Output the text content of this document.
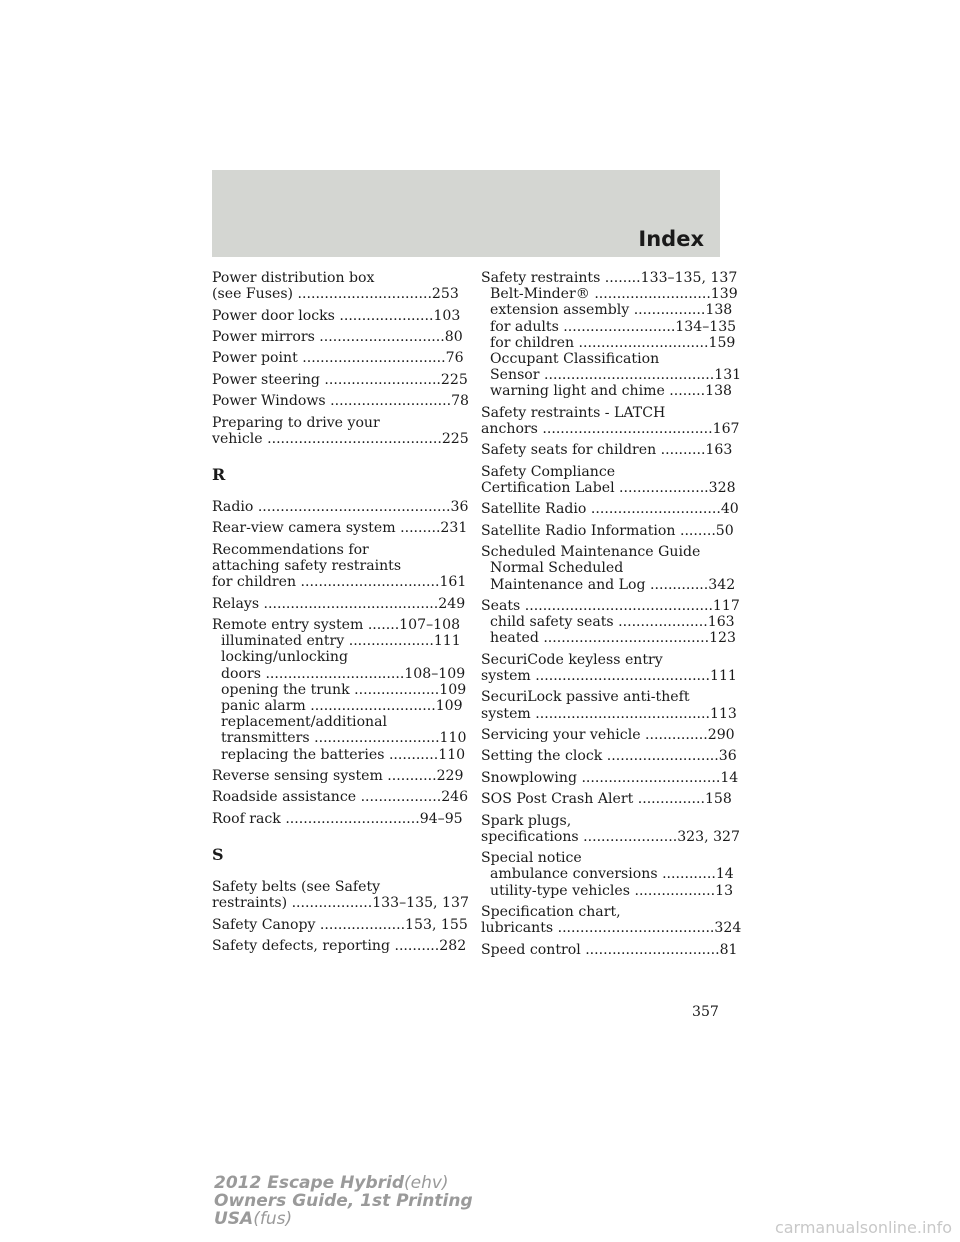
Index
Power distribution box
(see Fuses) ..............................253
Power door locks .....................103
Power mirrors ............................80
Power point ................................76
Power steering ..........................225
Power Windows ...........................78
Preparing to drive your
vehicle .......................................225
R
Radio ...........................................36
Rear-view camera system .........231
Recommendations for
attaching safety restraints
for children ...............................161
Relays .......................................249
Remote entry system .......107–108
illuminated entry ...................111
locking/unlocking
doors ...............................108–109
opening the trunk ...................109
panic alarm ............................109
replacement/additional
transmitters ............................110
replacing the batteries ...........110
Reverse sensing system ...........229
Roadside assistance ..................246
Roof rack ..............................94–95
S
Safety belts (see Safety
restraints) ..................133–135, 137
Safety Canopy ...................153, 155
Safety defects, reporting ..........282
Safety restraints ........133–135, 137
Belt-Minder® ..........................139
extension assembly ................138
for adults .........................134–135
for children .............................159
Occupant Classification
Sensor ......................................131
warning light and chime ........138
Safety restraints - LATCH
anchors ......................................167
Safety seats for children ..........163
Safety Compliance
Certification Label ....................328
Satellite Radio .............................40
Satellite Radio Information ........50
Scheduled Maintenance Guide
Normal Scheduled
Maintenance and Log .............342
Seats ..........................................117
child safety seats ....................163
heated .....................................123
SecuriCode keyless entry
system .......................................111
SecuriLock passive anti-theft
system .......................................113
Servicing your vehicle ..............290
Setting the clock .........................36
Snowplowing ...............................14
SOS Post Crash Alert ...............158
Spark plugs,
specifications .....................323, 327
Special notice
ambulance conversions ............14
utility-type vehicles ..................13
Specification chart,
lubricants ...................................324
Speed control ..............................81
357
2012 Escape Hybrid(ehv)
Owners Guide, 1st Printing
USA(fus)	carmanualsonline.info
